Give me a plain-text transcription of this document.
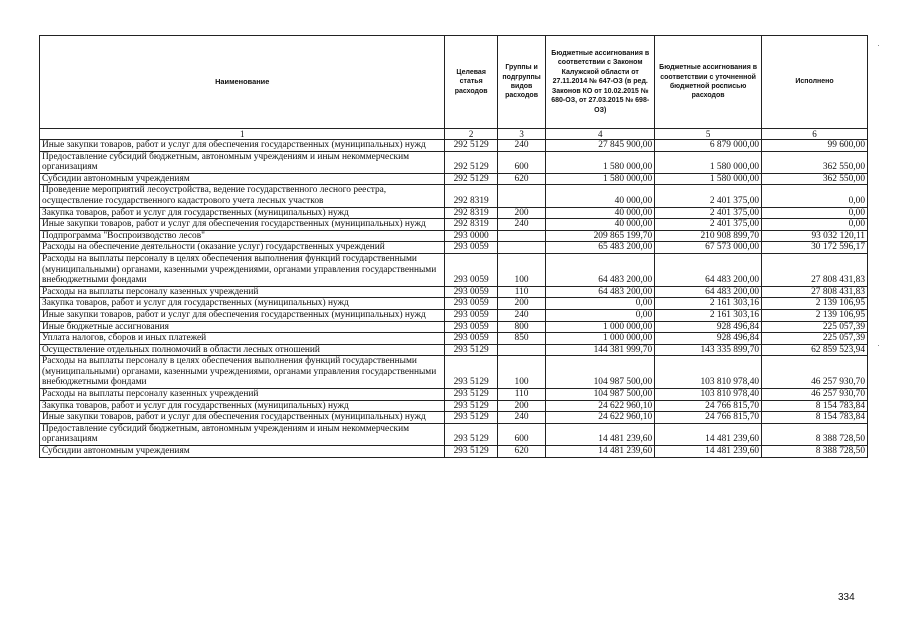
Наименование	Целевая статья расходов	Группы и подгруппы видов расходов	Бюджетные ассигнования в соответствии с Законом Калужской области от 27.11.2014 № 647-ОЗ (в ред. Законов КО от 10.02.2015 № 680-ОЗ, от 27.03.2015 № 698-ОЗ)	Бюджетные ассигнования в соответствии с уточненной бюджетной росписью расходов	Исполнено
1	2	3	4	5	6
Иные закупки товаров, работ и услуг для обеспечения государственных (муниципальных) нужд	292 5129	240	27 845 900,00	6 879 000,00	99 600,00
Предоставление субсидий бюджетным, автономным учреждениям и иным некоммерческим организациям	292 5129	600	1 580 000,00	1 580 000,00	362 550,00
Субсидии автономным учреждениям	292 5129	620	1 580 000,00	1 580 000,00	362 550,00
Проведение мероприятий лесоустройства, ведение государственного лесного реестра, осуществление государственного кадастрового учета лесных участков	292 8319		40 000,00	2 401 375,00	0,00
Закупка товаров, работ и услуг для государственных (муниципальных) нужд	292 8319	200	40 000,00	2 401 375,00	0,00
Иные закупки товаров, работ и услуг для обеспечения государственных (муниципальных) нужд	292 8319	240	40 000,00	2 401 375,00	0,00
Подпрограмма "Воспроизводство лесов"	293 0000		209 865 199,70	210 908 899,70	93 032 120,11
Расходы на обеспечение деятельности (оказание услуг) государственных учреждений	293 0059		65 483 200,00	67 573 000,00	30 172 596,17
Расходы на выплаты персоналу в целях обеспечения выполнения функций государственными (муниципальными) органами, казенными учреждениями, органами управления государственными внебюджетными фондами	293 0059	100	64 483 200,00	64 483 200,00	27 808 431,83
Расходы на выплаты персоналу казенных учреждений	293 0059	110	64 483 200,00	64 483 200,00	27 808 431,83
Закупка товаров, работ и услуг для государственных (муниципальных) нужд	293 0059	200	0,00	2 161 303,16	2 139 106,95
Иные закупки товаров, работ и услуг для обеспечения государственных (муниципальных) нужд	293 0059	240	0,00	2 161 303,16	2 139 106,95
Иные бюджетные ассигнования	293 0059	800	1 000 000,00	928 496,84	225 057,39
Уплата налогов, сборов и иных платежей	293 0059	850	1 000 000,00	928 496,84	225 057,39
Осуществление отдельных полномочий в области лесных отношений	293 5129		144 381 999,70	143 335 899,70	62 859 523,94
Расходы на выплаты персоналу в целях обеспечения выполнения функций государственными (муниципальными) органами, казенными учреждениями, органами управления государственными внебюджетными фондами	293 5129	100	104 987 500,00	103 810 978,40	46 257 930,70
Расходы на выплаты персоналу казенных учреждений	293 5129	110	104 987 500,00	103 810 978,40	46 257 930,70
Закупка товаров, работ и услуг для государственных (муниципальных) нужд	293 5129	200	24 622 960,10	24 766 815,70	8 154 783,84
Иные закупки товаров, работ и услуг для обеспечения государственных (муниципальных) нужд	293 5129	240	24 622 960,10	24 766 815,70	8 154 783,84
Предоставление субсидий бюджетным, автономным учреждениям и иным некоммерческим организациям	293 5129	600	14 481 239,60	14 481 239,60	8 388 728,50
Субсидии автономным учреждениям	293 5129	620	14 481 239,60	14 481 239,60	8 388 728,50
334
·
·
